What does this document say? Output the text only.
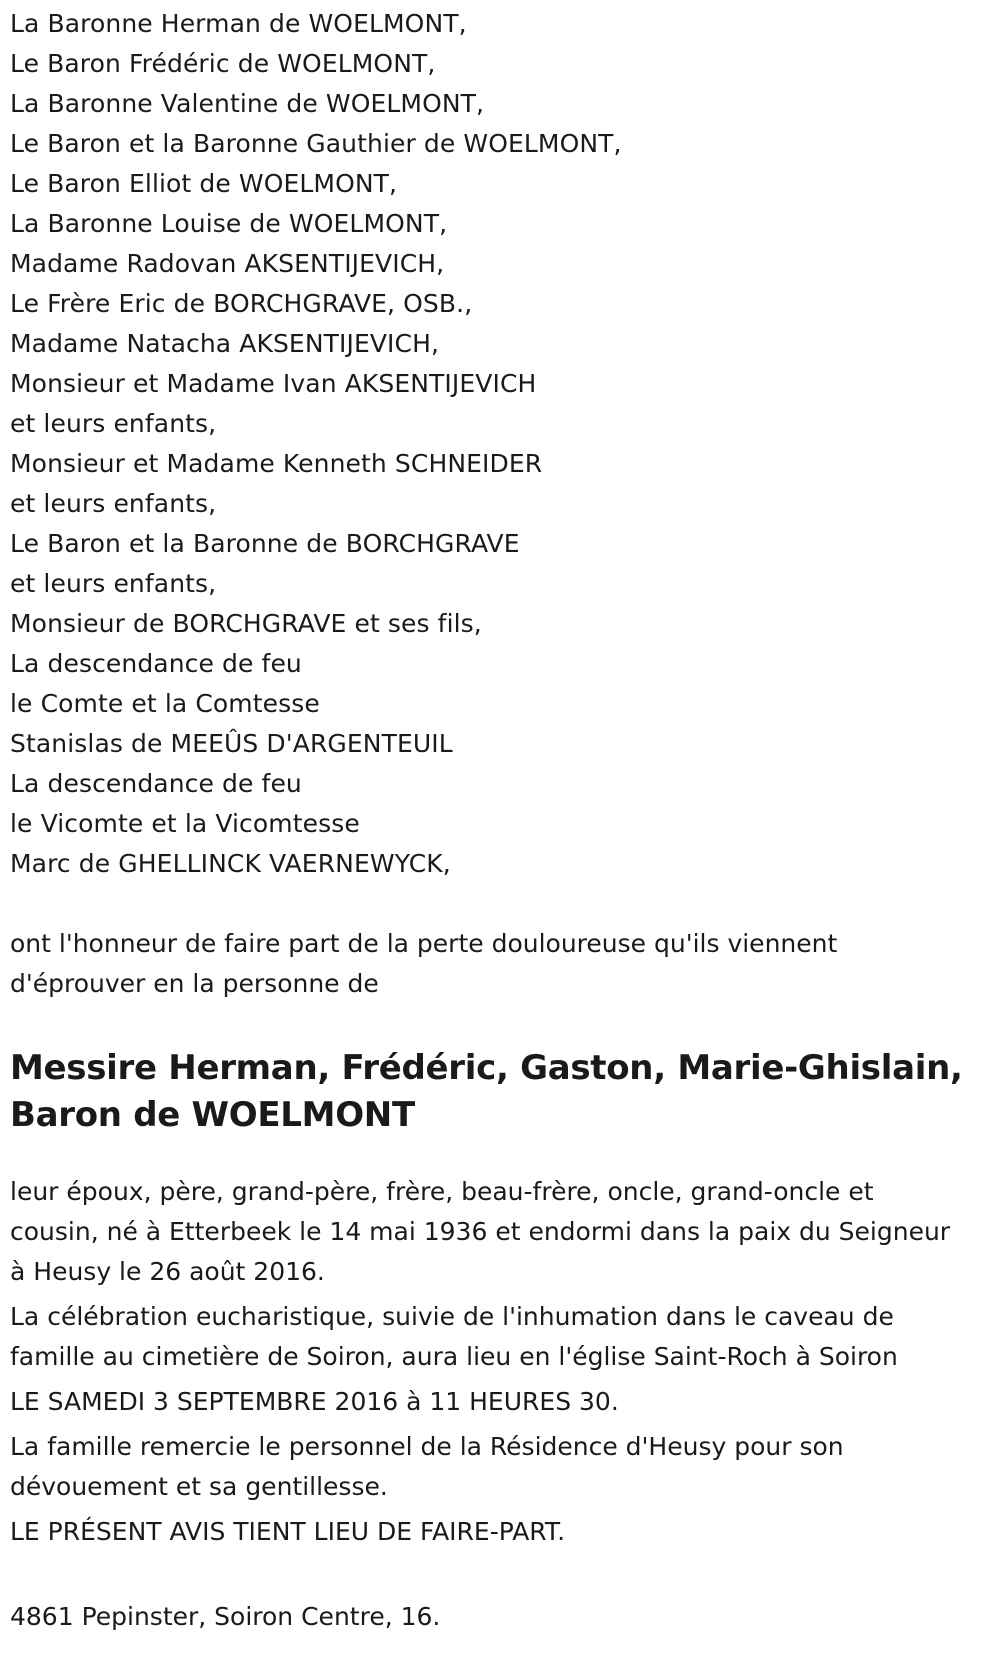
La Baronne Herman de WOELMONT,
Le Baron Frédéric de WOELMONT,
La Baronne Valentine de WOELMONT,
Le Baron et la Baronne Gauthier de WOELMONT,
Le Baron Elliot de WOELMONT,
La Baronne Louise de WOELMONT,
Madame Radovan AKSENTIJEVICH,
Le Frère Eric de BORCHGRAVE, OSB.,
Madame Natacha AKSENTIJEVICH,
Monsieur et Madame Ivan AKSENTIJEVICH
et leurs enfants,
Monsieur et Madame Kenneth SCHNEIDER
et leurs enfants,
Le Baron et la Baronne de BORCHGRAVE
et leurs enfants,
Monsieur de BORCHGRAVE et ses fils,
La descendance de feu
le Comte et la Comtesse
Stanislas de MEEÛS D'ARGENTEUIL
La descendance de feu
le Vicomte et la Vicomtesse
Marc de GHELLINCK VAERNEWYCK,

ont l'honneur de faire part de la perte douloureuse qu'ils viennent d'éprouver en la personne de

Messire Herman, Frédéric, Gaston, Marie-Ghislain,
Baron de WOELMONT

leur époux, père, grand-père, frère, beau-frère, oncle, grand-oncle et cousin, né à Etterbeek le 14 mai 1936 et endormi dans la paix du Seigneur à Heusy le 26 août 2016.

La célébration eucharistique, suivie de l'inhumation dans le caveau de famille au cimetière de Soiron, aura lieu en l'église Saint-Roch à Soiron

LE SAMEDI 3 SEPTEMBRE 2016 à 11 HEURES 30.

La famille remercie le personnel de la Résidence d'Heusy pour son dévouement et sa gentillesse.

LE PRÉSENT AVIS TIENT LIEU DE FAIRE-PART.

4861 Pepinster, Soiron Centre, 16.
